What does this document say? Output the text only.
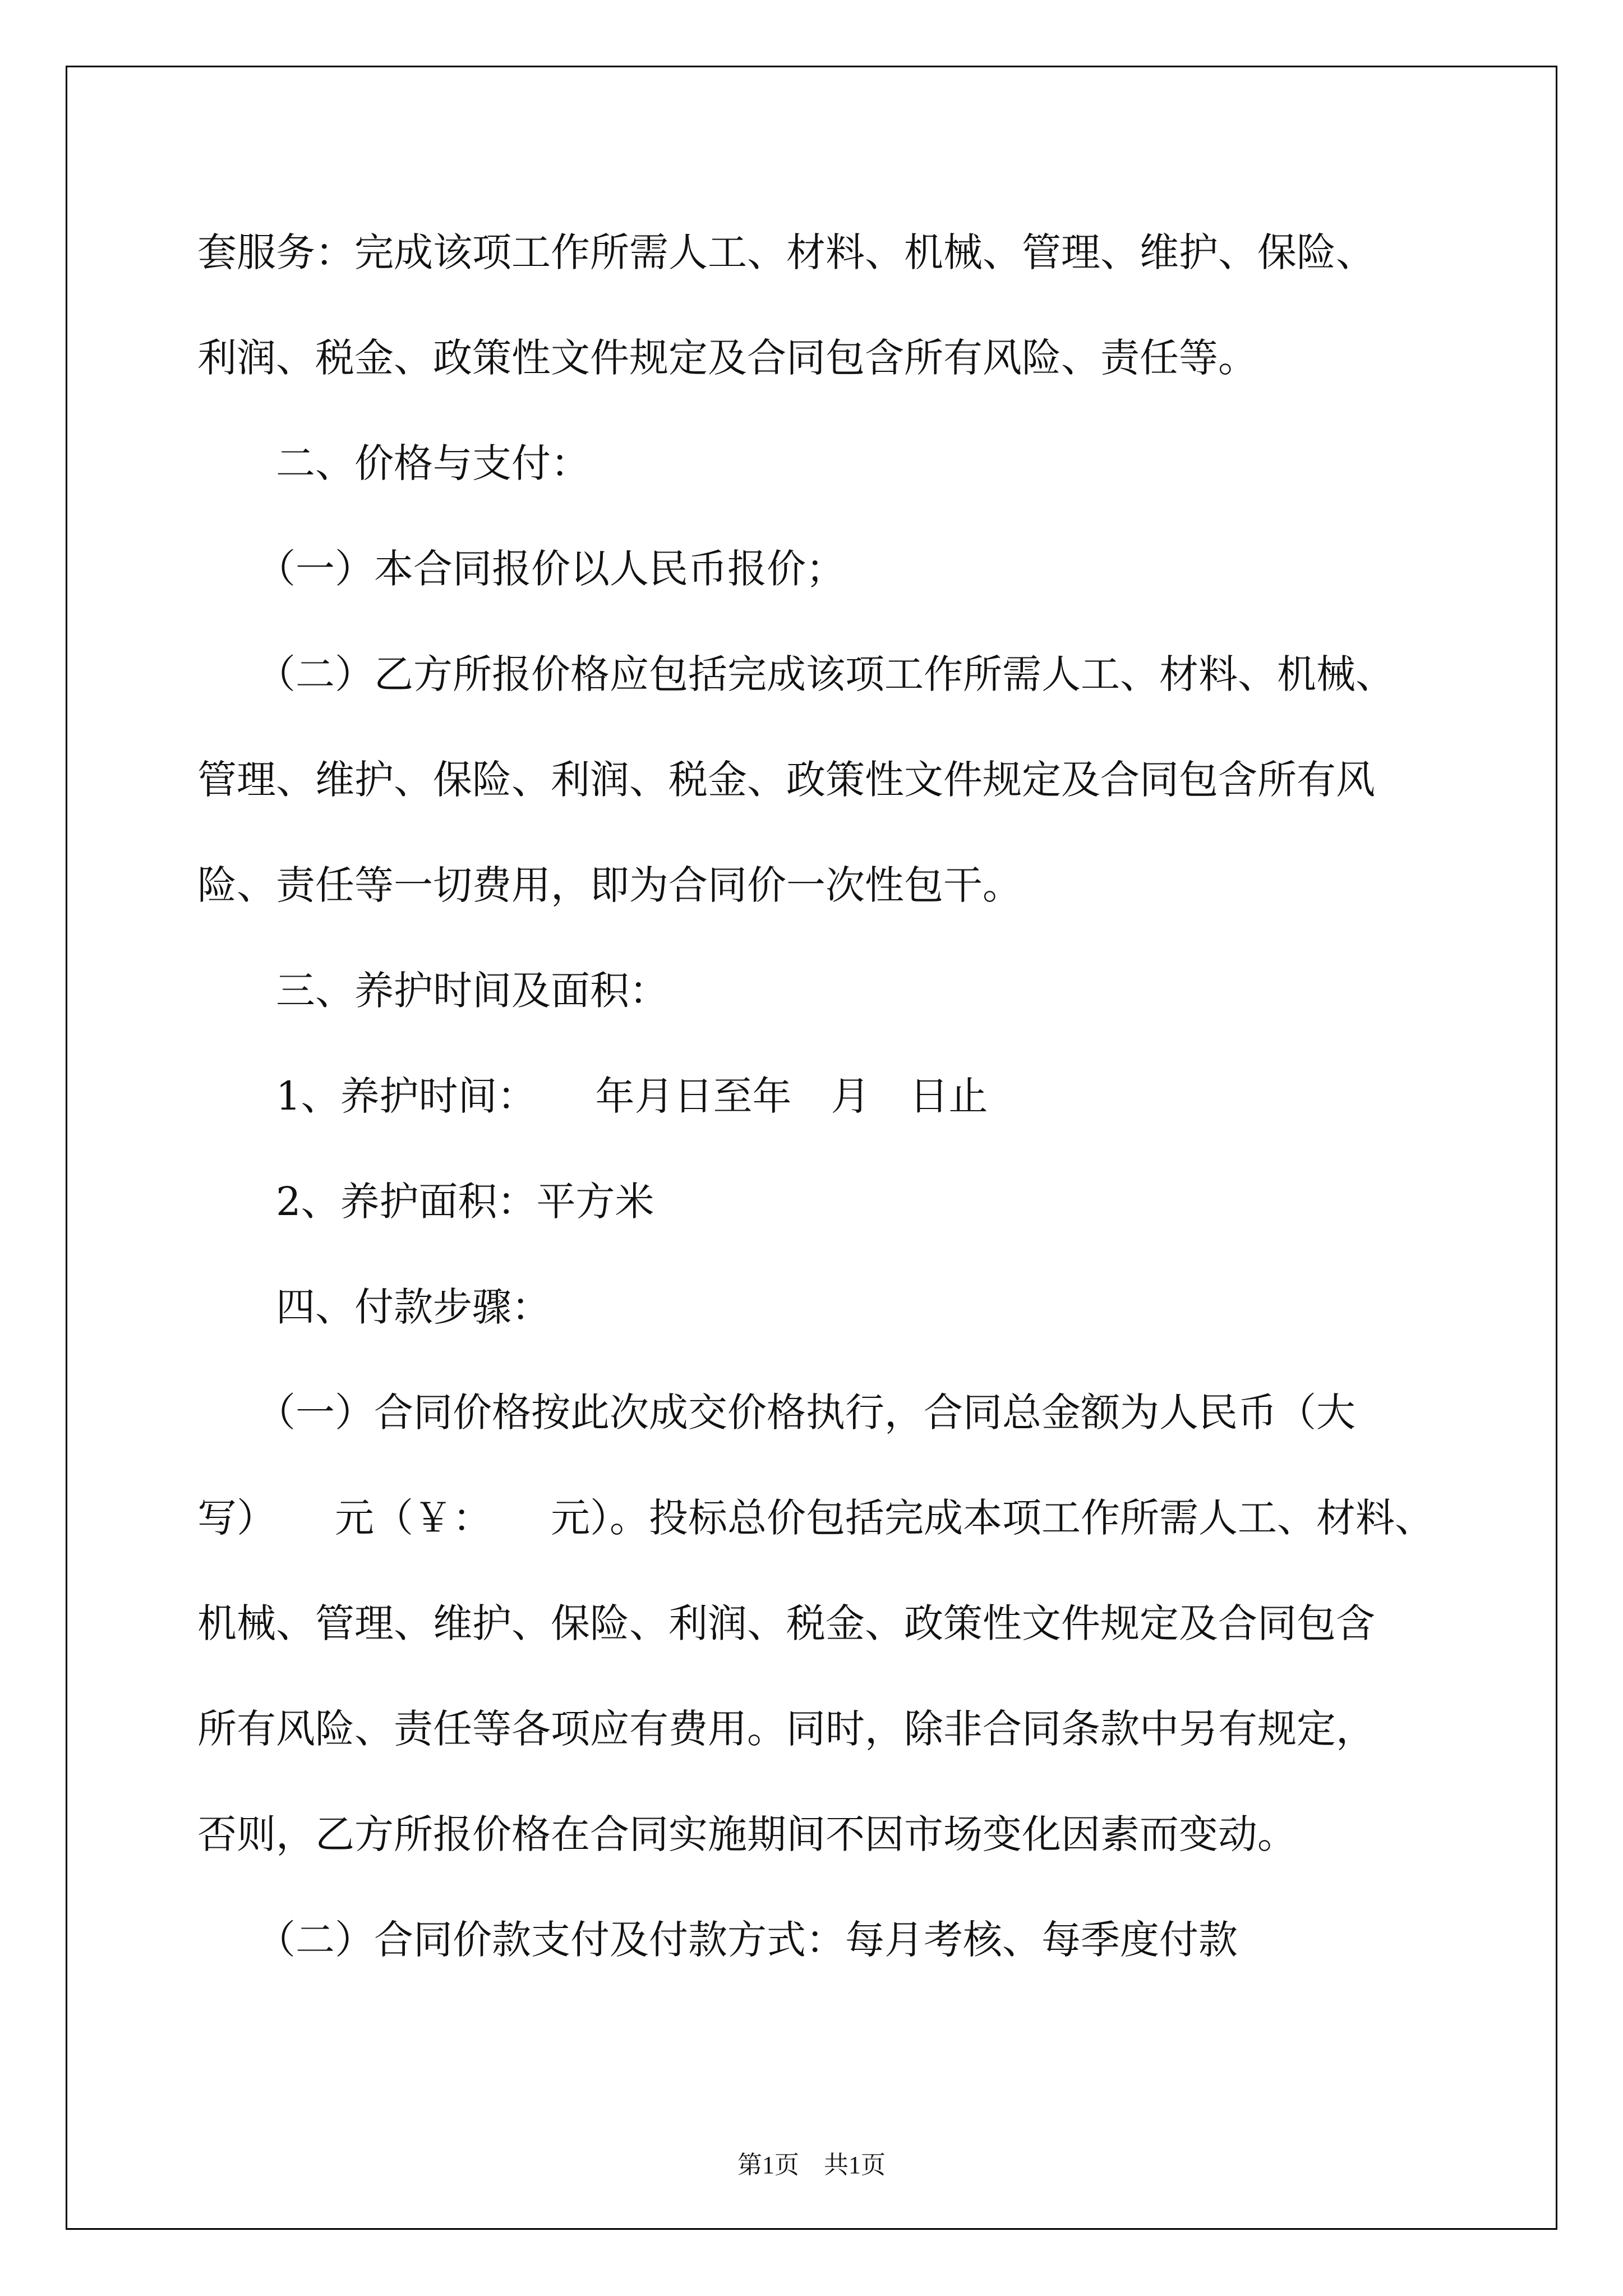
套服务：完成该项工作所需人工、材料、机械、管理、维护、保险、

利润、税金、政策性文件规定及合同包含所有风险、责任等。

　　二、价格与支付：

　　（一）本合同报价以人民币报价；

　　（二）乙方所报价格应包括完成该项工作所需人工、材料、机械、

管理、维护、保险、利润、税金、政策性文件规定及合同包含所有风

险、责任等一切费用，即为合同价一次性包干。

　　三、养护时间及面积：

　　1、养护时间：　　年月日至年　月　日止

　　2、养护面积：平方米

　　四、付款步骤：

　　（一）合同价格按此次成交价格执行，合同总金额为人民币（大

写）　　元（￥：　　元）。投标总价包括完成本项工作所需人工、材料、

机械、管理、维护、保险、利润、税金、政策性文件规定及合同包含

所有风险、责任等各项应有费用。同时，除非合同条款中另有规定，

否则，乙方所报价格在合同实施期间不因市场变化因素而变动。

　　（二）合同价款支付及付款方式：每月考核、每季度付款

第1页　共1页
